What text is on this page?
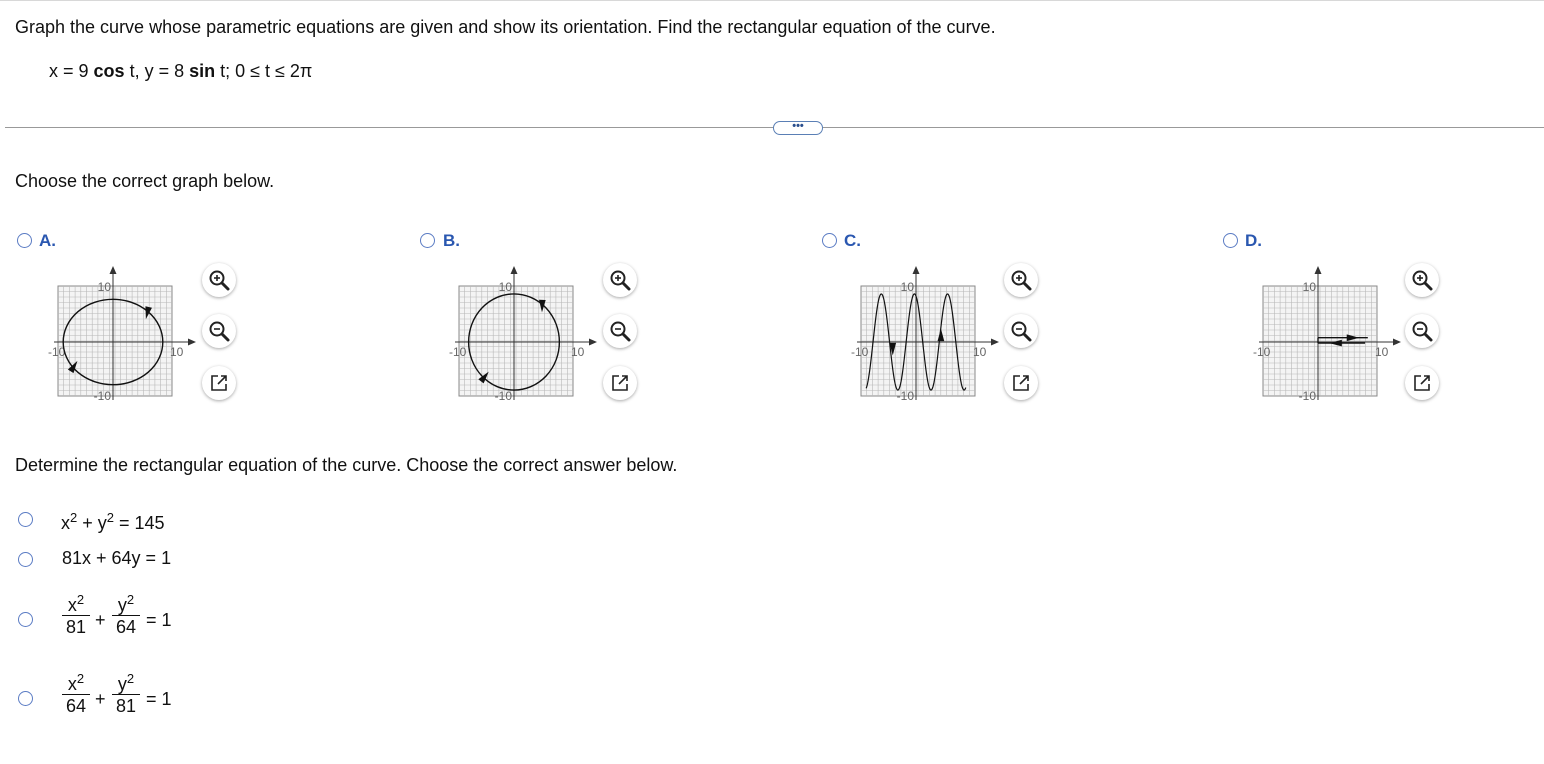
Graph the curve whose parametric equations are given and show its orientation. Find the rectangular equation of the curve.
x = 9 cos t, y = 8 sin t; 0 ≤ t ≤ 2π
•••
Choose the correct graph below.
A.	B.	C.	D.
10
-10
-10	10
10
-10
-10	10
10
-10
-10	10
10
-10
-10	10
Determine the rectangular equation of the curve. Choose the correct answer below.
$x^2 + y^2 = 145$
81x + 64y = 1
$\frac{x^2}{81} + \frac{y^2}{64} = 1$
$\frac{x^2}{64} + \frac{y^2}{81} = 1$
